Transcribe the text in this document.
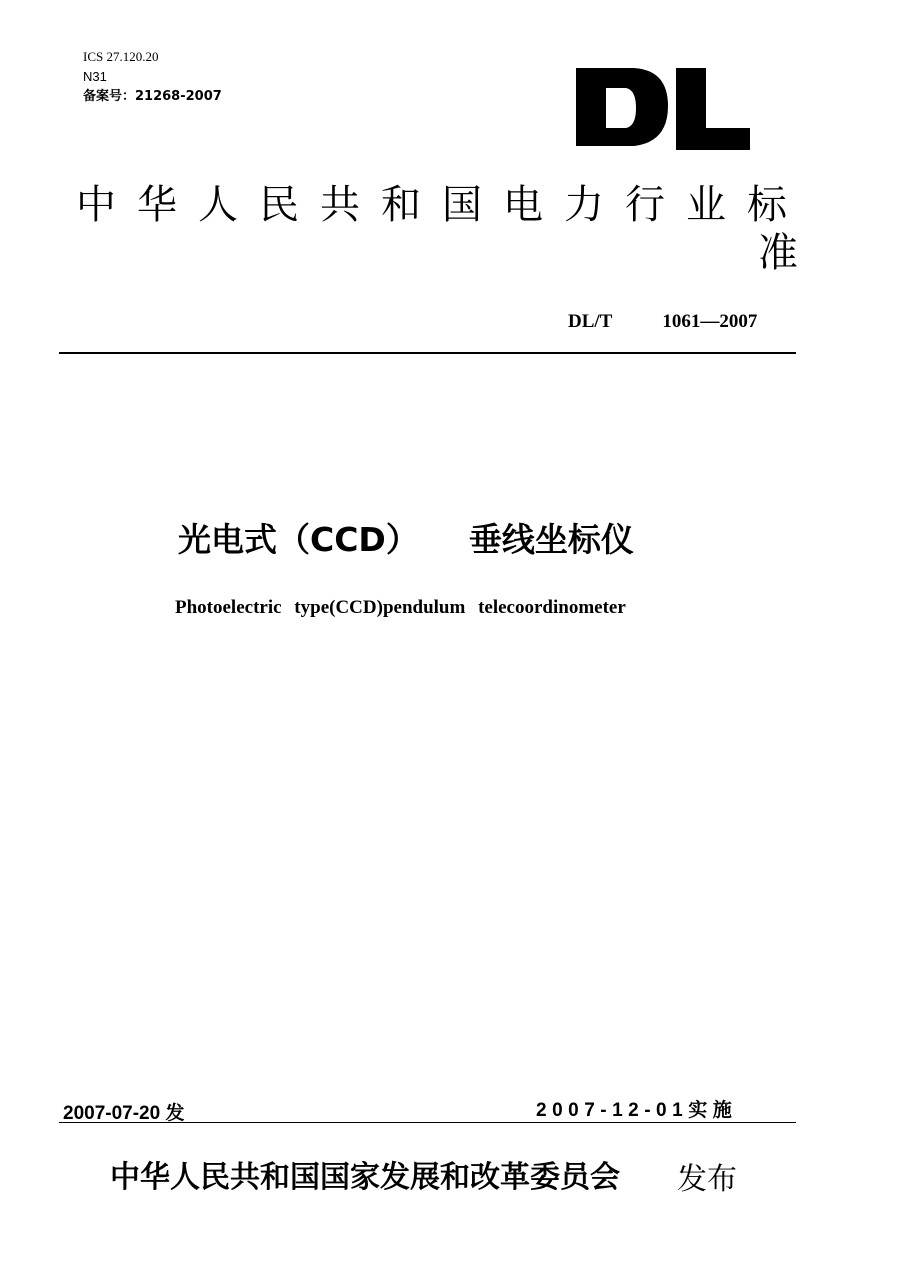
ICS 27.120.20
N31
备案号：21268-2007
中华人民共和国电力行业标
准
DL/T	1061—2007
光电式（CCD） 垂线坐标仪
Photoelectric type(CCD)pendulum telecoordinometer
2007-07-20 发	2007-12-01实施
中华人民共和国国家发展和改革委员会 发布
